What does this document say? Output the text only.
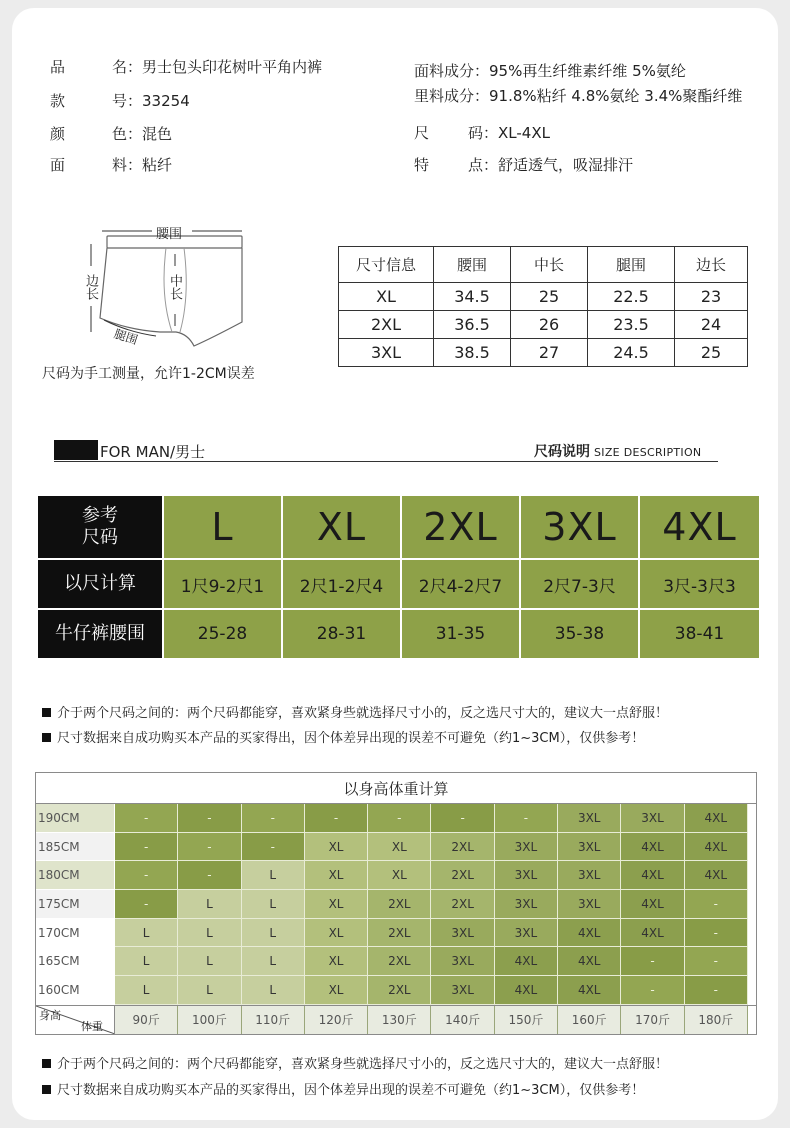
品	名：男士包头印花树叶平角内裤
款	号：33254
颜	色：混色
面	料：粘纤
面料成分：95%再生纤维素纤维 5%氨纶
里料成分：91.8%粘纤 4.8%氨纶 3.4%聚酯纤维
尺	码：XL-4XL
特	点：舒适透气，吸湿排汗
腰围
边长	中长
腿围
尺码为手工测量，允许1-2CM误差
尺寸信息	腰围	中长	腿围	边长
XL	34.5	25	22.5	23
2XL	36.5	26	23.5	24
3XL	38.5	27	24.5	25
FOR MAN/男士	尺码说明 SIZE DESCRIPTION
参考
尺码	L	XL	2XL	3XL	4XL
以尺计算	1尺9-2尺1	2尺1-2尺4	2尺4-2尺7	2尺7-3尺	3尺-3尺3
牛仔裤腰围	25-28	28-31	31-35	35-38	38-41
介于两个尺码之间的：两个尺码都能穿，喜欢紧身些就选择尺寸小的，反之选尺寸大的，建议大一点舒服！
尺寸数据来自成功购买本产品的买家得出，因个体差异出现的误差不可避免（约1~3CM），仅供参考！
以身高体重计算
190CM	-	-	-	-	-	-	-	3XL	3XL	4XL
185CM	-	-	-	XL	XL	2XL	3XL	3XL	4XL	4XL
180CM	-	-	L	XL	XL	2XL	3XL	3XL	4XL	4XL
175CM	-	L	L	XL	2XL	2XL	3XL	3XL	4XL	-
170CM	L	L	L	XL	2XL	3XL	3XL	4XL	4XL	-
165CM	L	L	L	XL	2XL	3XL	4XL	4XL	-	-
160CM	L	L	L	XL	2XL	3XL	4XL	4XL	-	-
身高
体重	90斤	100斤	110斤	120斤	130斤	140斤	150斤	160斤	170斤	180斤
介于两个尺码之间的：两个尺码都能穿，喜欢紧身些就选择尺寸小的，反之选尺寸大的，建议大一点舒服！
尺寸数据来自成功购买本产品的买家得出，因个体差异出现的误差不可避免（约1~3CM），仅供参考！
